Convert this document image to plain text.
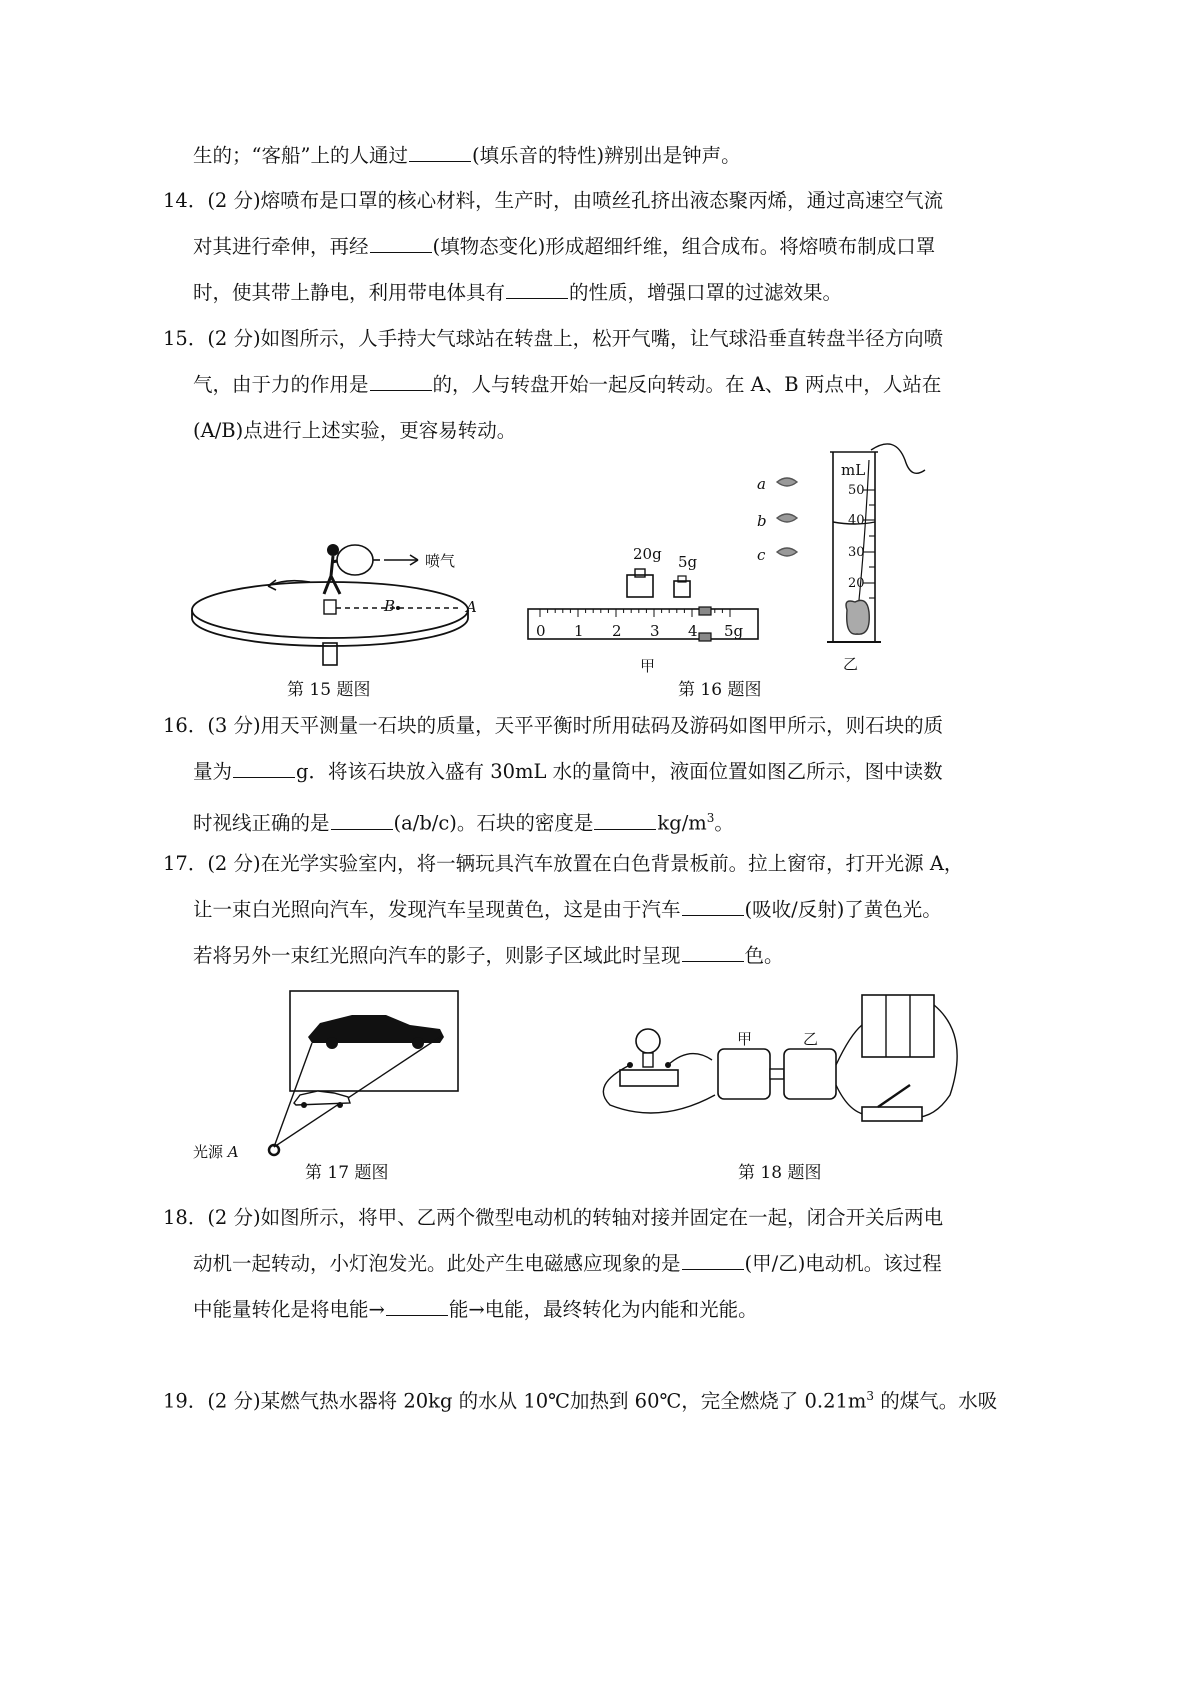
生的；“客船”上的人通过	(填乐音的特性)辨别出是钟声。
14．(2 分)熔喷布是口罩的核心材料，生产时，由喷丝孔挤出液态聚丙烯，通过高速空气流
对其进行牵伸，再经	(填物态变化)形成超细纤维，组合成布。将熔喷布制成口罩
时，使其带上静电，利用带电体具有	的性质，增强口罩的过滤效果。
15．(2 分)如图所示，人手持大气球站在转盘上，松开气嘴，让气球沿垂直转盘半径方向喷
气，由于力的作用是	的，人与转盘开始一起反向转动。在 A、B 两点中，人站在
(A/B)点进行上述实验，更容易转动。
喷气
B	A
第 15 题图
20g 5g
0 1 2 3 4 5g
甲
a
b
c
mL
50
40
30
20
乙
第 16 题图
16．(3 分)用天平测量一石块的质量，天平平衡时所用砝码及游码如图甲所示，则石块的质
量为	g．将该石块放入盛有 30mL 水的量筒中，液面位置如图乙所示，图中读数
时视线正确的是	(a/b/c)。石块的密度是	$kg/m^3$。
17．(2 分)在光学实验室内，将一辆玩具汽车放置在白色背景板前。拉上窗帘，打开光源 A，
让一束白光照向汽车，发现汽车呈现黄色，这是由于汽车	(吸收/反射)了黄色光。
若将另外一束红光照向汽车的影子，则影子区域此时呈现	色。
光源 A
第 17 题图
甲	乙
第 18 题图
18．(2 分)如图所示，将甲、乙两个微型电动机的转轴对接并固定在一起，闭合开关后两电
动机一起转动，小灯泡发光。此处产生电磁感应现象的是	(甲/乙)电动机。该过程
中能量转化是将电能→	能→电能，最终转化为内能和光能。
19．(2 分)某燃气热水器将 20kg 的水从 10℃加热到 60℃，完全燃烧了 $0.21m^3$ 的煤气。水吸
